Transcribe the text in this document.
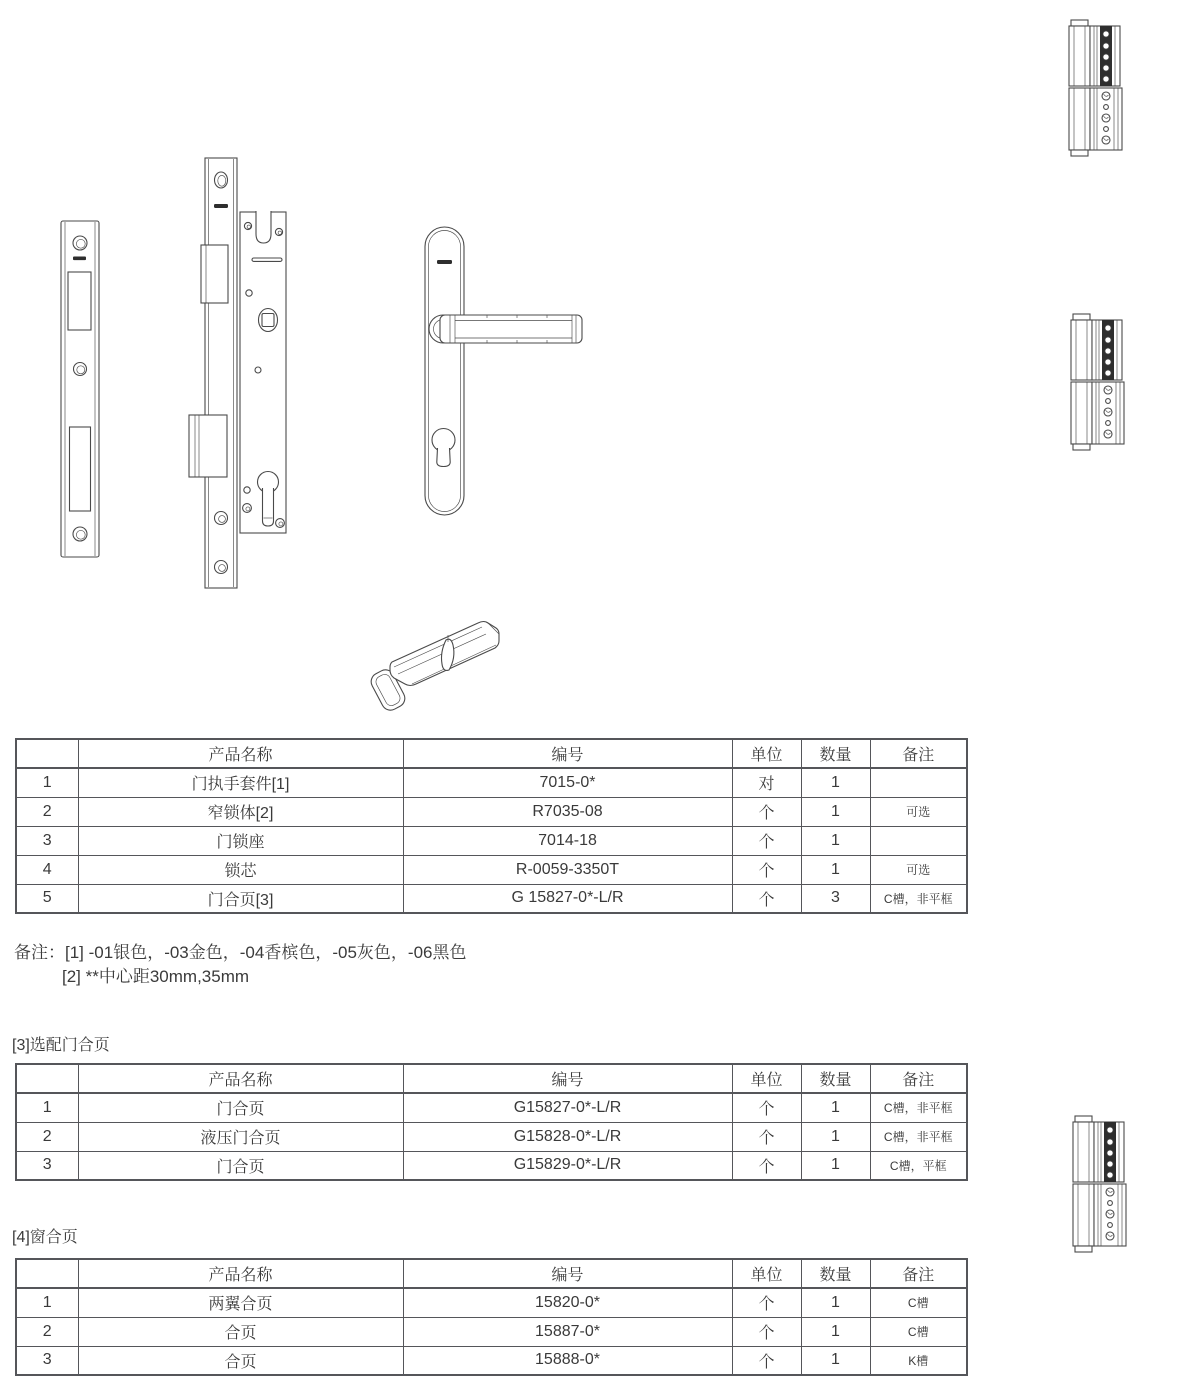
	产品名称	编号	单位	数量	备注
1	门执手套件[1]	7015-0*	对	1	
2	窄锁体[2]	R7035-08	个	1	可选
3	门锁座	7014-18	个	1	
4	锁芯	R-0059-3350T	个	1	可选
5	门合页[3]	G 15827-0*-L/R	个	3	C槽，非平框
备注：[1] -01银色，-03金色，-04香槟色，-05灰色，-06黑色
[2] **中心距30mm,35mm
[3]选配门合页
	产品名称	编号	单位	数量	备注
1	门合页	G15827-0*-L/R	个	1	C槽，非平框
2	液压门合页	G15828-0*-L/R	个	1	C槽，非平框
3	门合页	G15829-0*-L/R	个	1	C槽，平框
[4]窗合页
	产品名称	编号	单位	数量	备注
1	两翼合页	15820-0*	个	1	C槽
2	合页	15887-0*	个	1	C槽
3	合页	15888-0*	个	1	K槽
